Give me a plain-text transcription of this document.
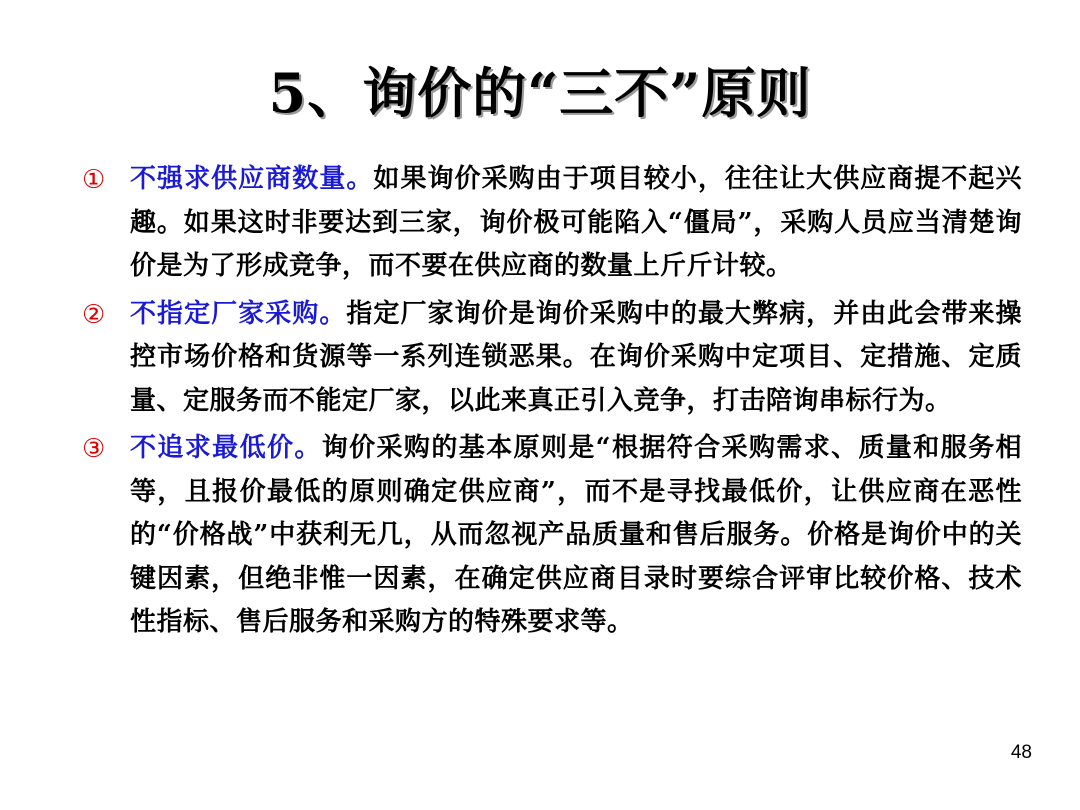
5、询价的“三不”原则
① 不强求供应商数量。如果询价采购由于项目较小，往往让大供应商提不起兴趣。如果这时非要达到三家，询价极可能陷入“僵局”，采购人员应当清楚询价是为了形成竞争，而不要在供应商的数量上斤斤计较。
② 不指定厂家采购。指定厂家询价是询价采购中的最大弊病，并由此会带来操控市场价格和货源等一系列连锁恶果。在询价采购中定项目、定措施、定质量、定服务而不能定厂家，以此来真正引入竞争，打击陪询串标行为。
③ 不追求最低价。询价采购的基本原则是“根据符合采购需求、质量和服务相等，且报价最低的原则确定供应商”，而不是寻找最低价，让供应商在恶性的“价格战”中获利无几，从而忽视产品质量和售后服务。价格是询价中的关键因素，但绝非惟一因素，在确定供应商目录时要综合评审比较价格、技术性指标、售后服务和采购方的特殊要求等。
48
